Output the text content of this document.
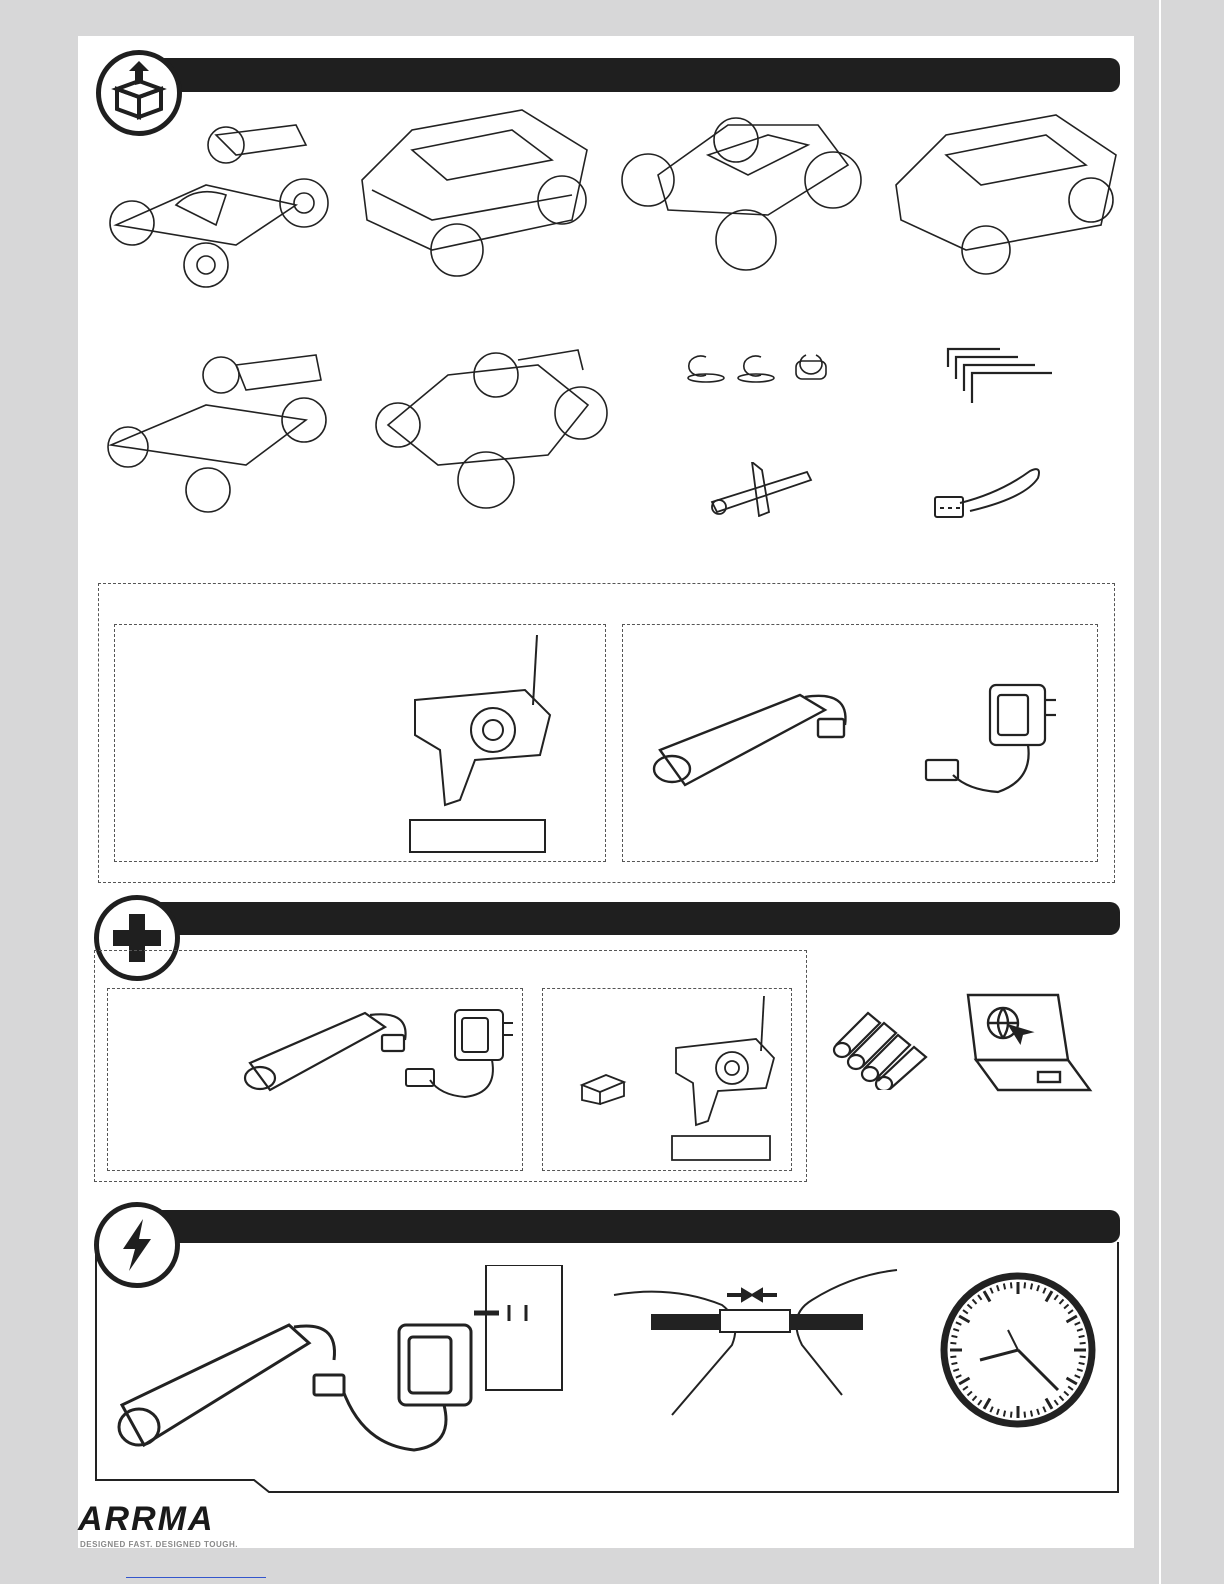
ARRMA
DESIGNED FAST. DESIGNED TOUGH.
